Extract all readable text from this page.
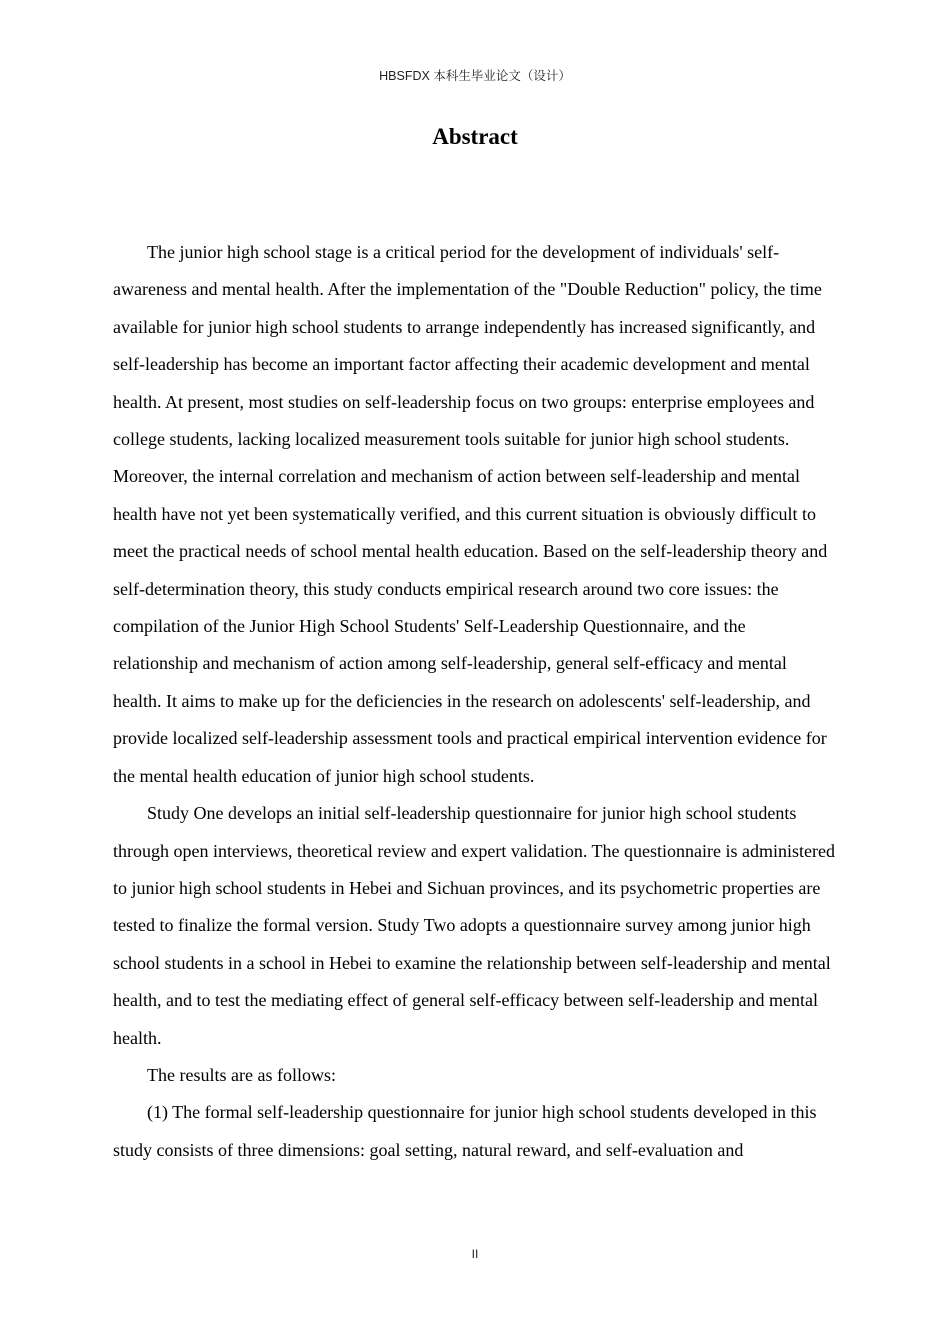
HBSFDX 本科生毕业论文（设计）
Abstract

The junior high school stage is a critical period for the development of individuals' self-awareness and mental health. After the implementation of the "Double Reduction" policy, the time available for junior high school students to arrange independently has increased significantly, and self-leadership has become an important factor affecting their academic development and mental health. At present, most studies on self-leadership focus on two groups: enterprise employees and college students, lacking localized measurement tools suitable for junior high school students. Moreover, the internal correlation and mechanism of action between self-leadership and mental health have not yet been systematically verified, and this current situation is obviously difficult to meet the practical needs of school mental health education. Based on the self-leadership theory and self-determination theory, this study conducts empirical research around two core issues: the compilation of the Junior High School Students' Self-Leadership Questionnaire, and the relationship and mechanism of action among self-leadership, general self-efficacy and mental health. It aims to make up for the deficiencies in the research on adolescents' self-leadership, and provide localized self-leadership assessment tools and practical empirical intervention evidence for the mental health education of junior high school students.

Study One develops an initial self-leadership questionnaire for junior high school students through open interviews, theoretical review and expert validation. The questionnaire is administered to junior high school students in Hebei and Sichuan provinces, and its psychometric properties are tested to finalize the formal version. Study Two adopts a questionnaire survey among junior high school students in a school in Hebei to examine the relationship between self-leadership and mental health, and to test the mediating effect of general self-efficacy between self-leadership and mental health.

The results are as follows:

(1) The formal self-leadership questionnaire for junior high school students developed in this study consists of three dimensions: goal setting, natural reward, and self-evaluation and

II
